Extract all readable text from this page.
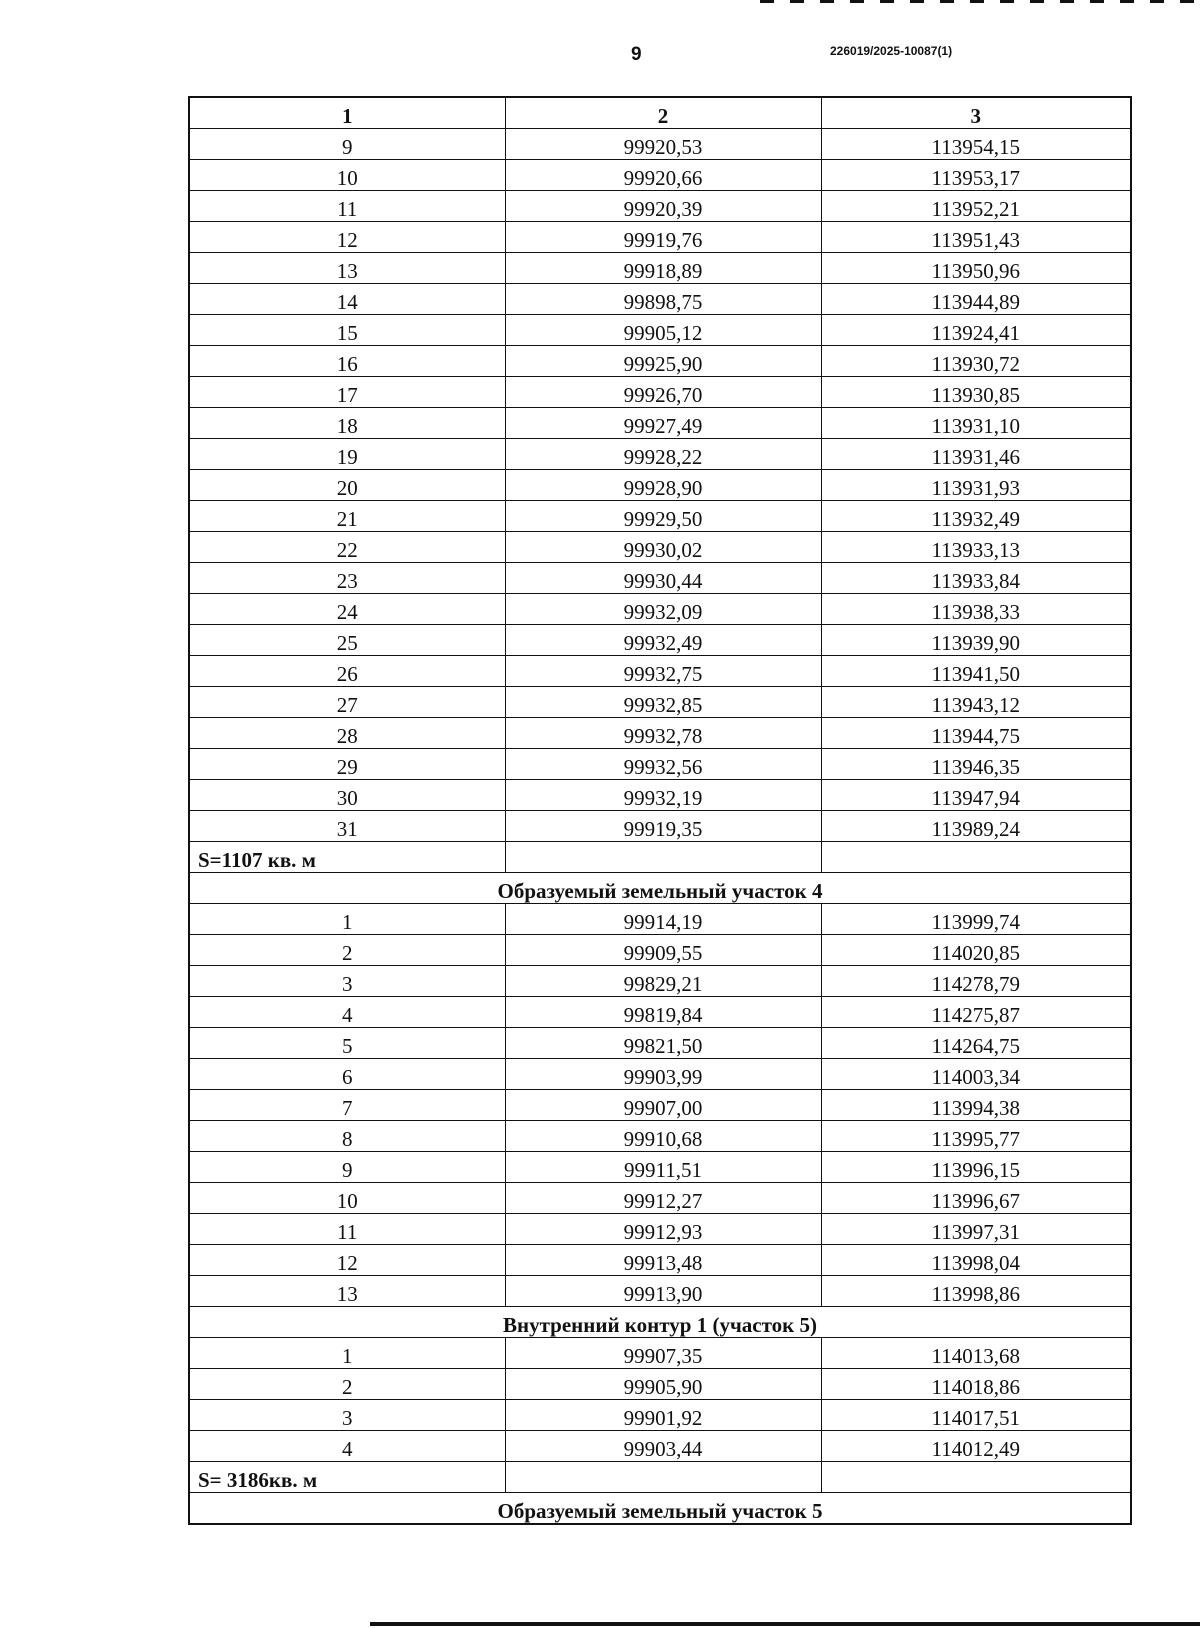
9	226019/2025-10087(1)
1	2	3
9	99920,53	113954,15
10	99920,66	113953,17
11	99920,39	113952,21
12	99919,76	113951,43
13	99918,89	113950,96
14	99898,75	113944,89
15	99905,12	113924,41
16	99925,90	113930,72
17	99926,70	113930,85
18	99927,49	113931,10
19	99928,22	113931,46
20	99928,90	113931,93
21	99929,50	113932,49
22	99930,02	113933,13
23	99930,44	113933,84
24	99932,09	113938,33
25	99932,49	113939,90
26	99932,75	113941,50
27	99932,85	113943,12
28	99932,78	113944,75
29	99932,56	113946,35
30	99932,19	113947,94
31	99919,35	113989,24
S=1107 кв. м		
Образуемый земельный участок 4		
1	99914,19	113999,74
2	99909,55	114020,85
3	99829,21	114278,79
4	99819,84	114275,87
5	99821,50	114264,75
6	99903,99	114003,34
7	99907,00	113994,38
8	99910,68	113995,77
9	99911,51	113996,15
10	99912,27	113996,67
11	99912,93	113997,31
12	99913,48	113998,04
13	99913,90	113998,86
Внутренний контур 1 (участок 5)		
1	99907,35	114013,68
2	99905,90	114018,86
3	99901,92	114017,51
4	99903,44	114012,49
S= 3186кв. м		
Образуемый земельный участок 5		
